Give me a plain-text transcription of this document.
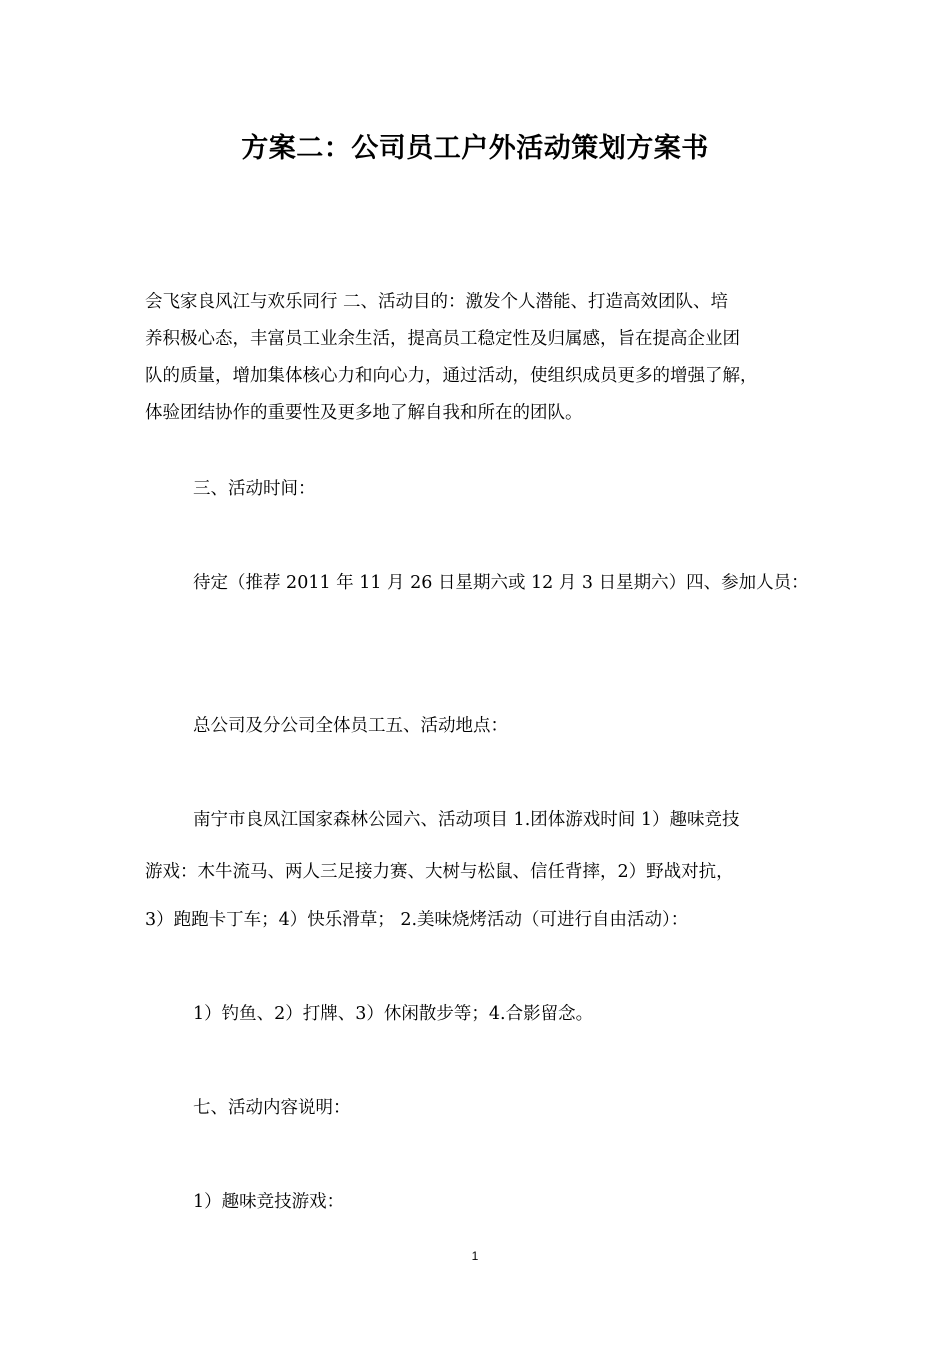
方案二：公司员工户外活动策划方案书

会飞家良风江与欢乐同行 二、活动目的：激发个人潜能、打造高效团队、培

养积极心态，丰富员工业余生活，提高员工稳定性及归属感，旨在提高企业团

队的质量，增加集体核心力和向心力，通过活动，使组织成员更多的增强了解，

体验团结协作的重要性及更多地了解自我和所在的团队。

三、活动时间：

待定（推荐 2011 年 11 月 26 日星期六或 12 月 3 日星期六）四、参加人员：

总公司及分公司全体员工五、活动地点：

南宁市良凤江国家森林公园六、活动项目 1.团体游戏时间 1）趣味竞技

游戏：木牛流马、两人三足接力赛、大树与松鼠、信任背摔，2）野战对抗，

3）跑跑卡丁车；4）快乐滑草； 2.美味烧烤活动（可进行自由活动）：

1）钓鱼、2）打牌、3）休闲散步等；4.合影留念。

七、活动内容说明：

1）趣味竞技游戏：

1
